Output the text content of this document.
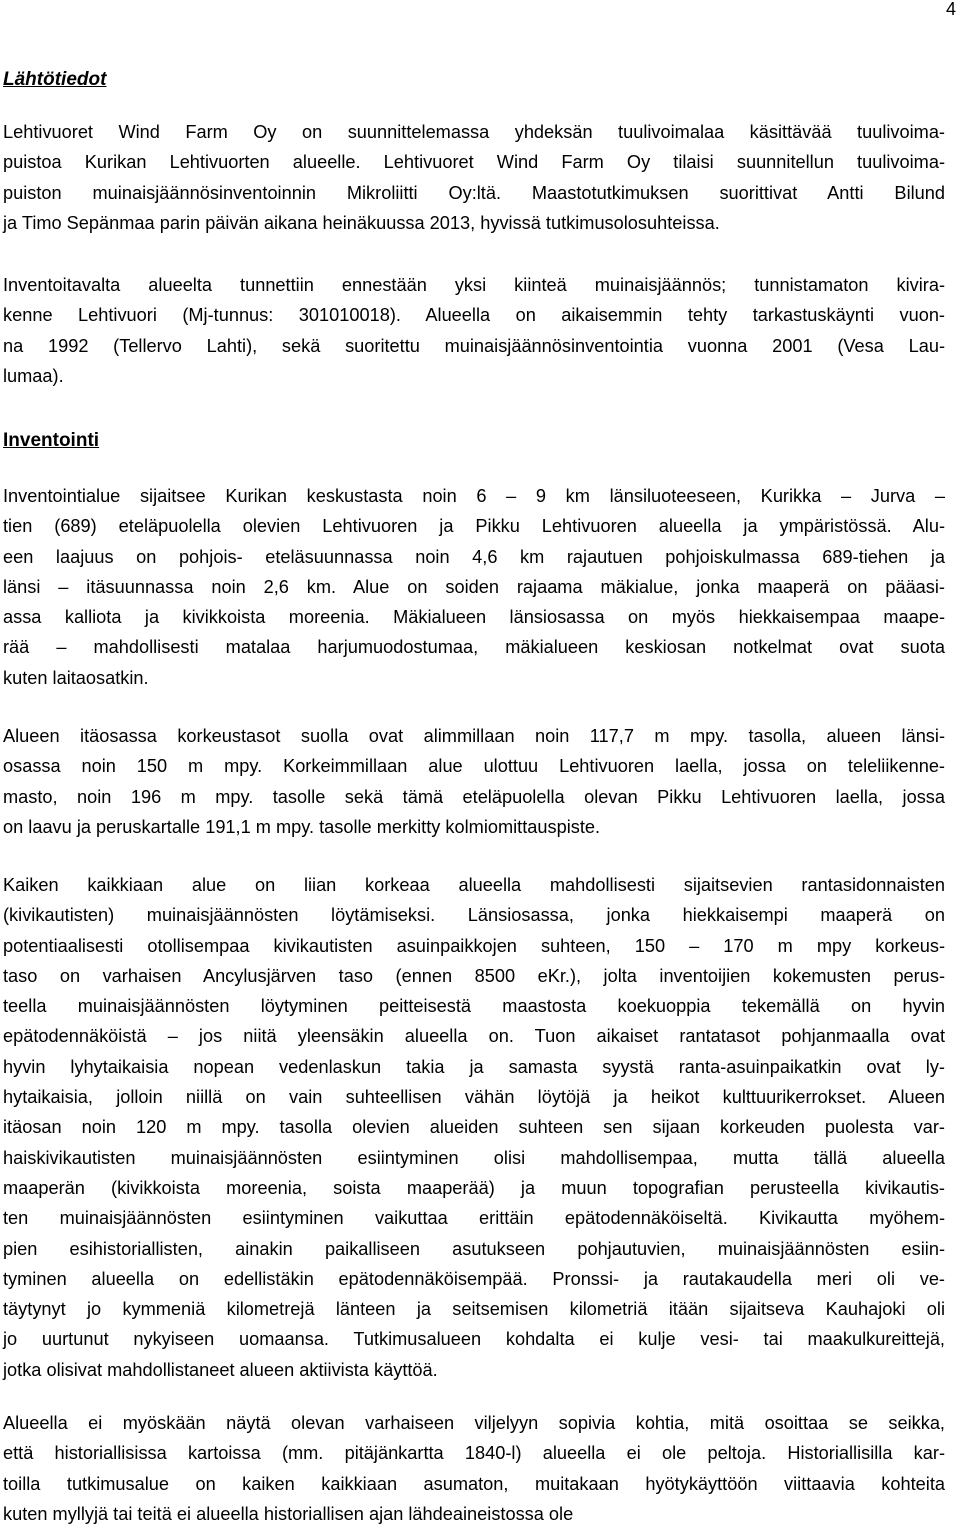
4
Lähtötiedot
Lehtivuoret Wind Farm Oy on suunnittelemassa yhdeksän tuulivoimalaa käsittävää tuulivoima-
puistoa Kurikan Lehtivuorten alueelle. Lehtivuoret Wind Farm Oy tilaisi suunnitellun tuulivoima-
puiston muinaisjäännösinventoinnin Mikroliitti Oy:ltä. Maastotutkimuksen suorittivat Antti Bilund
ja Timo Sepänmaa parin päivän aikana heinäkuussa 2013, hyvissä tutkimusolosuhteissa.
Inventoitavalta alueelta tunnettiin ennestään yksi kiinteä muinaisjäännös; tunnistamaton kivira-
kenne Lehtivuori (Mj-tunnus: 301010018). Alueella on aikaisemmin tehty tarkastuskäynti vuon-
na 1992 (Tellervo Lahti), sekä suoritettu muinaisjäännösinventointia vuonna 2001 (Vesa Lau-
lumaa).
Inventointi
Inventointialue sijaitsee Kurikan keskustasta noin 6 – 9 km länsiluoteeseen, Kurikka – Jurva –
tien (689) eteläpuolella olevien Lehtivuoren ja Pikku Lehtivuoren alueella ja ympäristössä. Alu-
een laajuus on pohjois- eteläsuunnassa noin 4,6 km rajautuen pohjoiskulmassa 689-tiehen ja
länsi – itäsuunnassa noin 2,6 km. Alue on soiden rajaama mäkialue, jonka maaperä on pääasi-
assa kalliota ja kivikkoista moreenia. Mäkialueen länsiosassa on myös hiekkaisempaa maape-
rää – mahdollisesti matalaa harjumuodostumaa, mäkialueen keskiosan notkelmat ovat suota
kuten laitaosatkin.
Alueen itäosassa korkeustasot suolla ovat alimmillaan noin 117,7 m mpy. tasolla, alueen länsi-
osassa noin 150 m mpy. Korkeimmillaan alue ulottuu Lehtivuoren laella, jossa on teleliikenne-
masto, noin 196 m mpy. tasolle sekä tämä eteläpuolella olevan Pikku Lehtivuoren laella, jossa
on laavu ja peruskartalle 191,1 m mpy. tasolle merkitty kolmiomittauspiste.
Kaiken kaikkiaan alue on liian korkeaa alueella mahdollisesti sijaitsevien rantasidonnaisten
(kivikautisten) muinaisjäännösten löytämiseksi. Länsiosassa, jonka hiekkaisempi maaperä on
potentiaalisesti otollisempaa kivikautisten asuinpaikkojen suhteen, 150 – 170 m mpy korkeus-
taso on varhaisen Ancylusjärven taso (ennen 8500 eKr.), jolta inventoijien kokemusten perus-
teella muinaisjäännösten löytyminen peitteisestä maastosta koekuoppia tekemällä on hyvin
epätodennäköistä – jos niitä yleensäkin alueella on. Tuon aikaiset rantatasot pohjanmaalla ovat
hyvin lyhytaikaisia nopean vedenlaskun takia ja samasta syystä ranta-asuinpaikatkin ovat ly-
hytaikaisia, jolloin niillä on vain suhteellisen vähän löytöjä ja heikot kulttuurikerrokset. Alueen
itäosan noin 120 m mpy. tasolla olevien alueiden suhteen sen sijaan korkeuden puolesta var-
haiskivikautisten muinaisjäännösten esiintyminen olisi mahdollisempaa, mutta tällä alueella
maaperän (kivikkoista moreenia, soista maaperää) ja muun topografian perusteella kivikautis-
ten muinaisjäännösten esiintyminen vaikuttaa erittäin epätodennäköiseltä. Kivikautta myöhem-
pien esihistoriallisten, ainakin paikalliseen asutukseen pohjautuvien, muinaisjäännösten esiin-
tyminen alueella on edellistäkin epätodennäköisempää. Pronssi- ja rautakaudella meri oli ve-
täytynyt jo kymmeniä kilometrejä länteen ja seitsemisen kilometriä itään sijaitseva Kauhajoki oli
jo uurtunut nykyiseen uomaansa. Tutkimusalueen kohdalta ei kulje vesi- tai maakulkureittejä,
jotka olisivat mahdollistaneet alueen aktiivista käyttöä.
Alueella ei myöskään näytä olevan varhaiseen viljelyyn sopivia kohtia, mitä osoittaa se seikka,
että historiallisissa kartoissa (mm. pitäjänkartta 1840-l) alueella ei ole peltoja. Historiallisilla kar-
toilla tutkimusalue on kaiken kaikkiaan asumaton, muitakaan hyötykäyttöön viittaavia kohteita
kuten myllyjä tai teitä ei alueella historiallisen ajan lähdeaineistossa ole
